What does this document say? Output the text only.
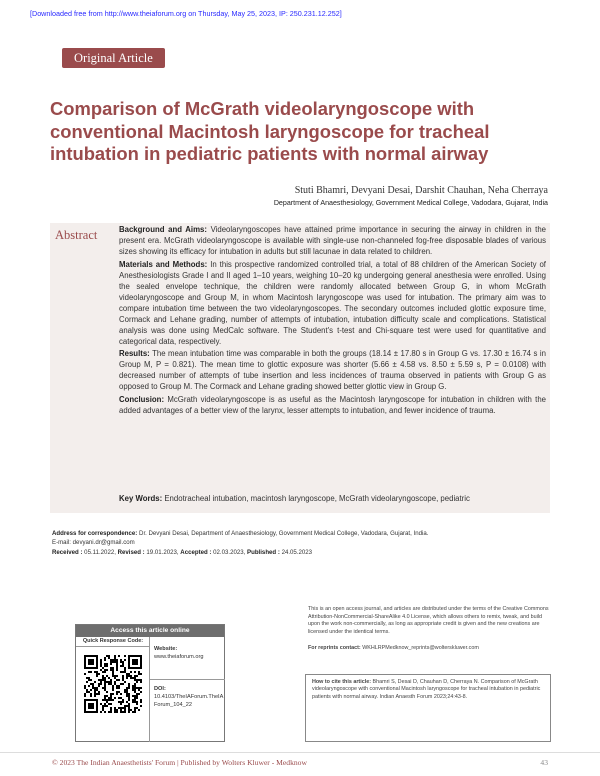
[Downloaded free from http://www.theiaforum.org on Thursday, May 25, 2023, IP: 250.231.12.252]
Original Article
Comparison of McGrath videolaryngoscope with conventional Macintosh laryngoscope for tracheal intubation in pediatric patients with normal airway
Stuti Bhamri, Devyani Desai, Darshit Chauhan, Neha Cherraya
Department of Anaesthesiology, Government Medical College, Vadodara, Gujarat, India
Abstract	Background and Aims: Videolaryngoscopes have attained prime importance in securing the airway in children in the present era. McGrath videolaryngoscope is available with single-use non-channeled fog-free disposable blades of various sizes showing its efficacy for intubation in adults but still lacunae in data related to children.

Materials and Methods: In this prospective randomized controlled trial, a total of 88 children of the American Society of Anesthesiologists Grade I and II aged 1–10 years, weighing 10–20 kg undergoing general anesthesia were enrolled. Using the sealed envelope technique, the children were randomly allocated between Group G, in whom McGrath videolaryngoscope and Group M, in whom Macintosh laryngoscope was used for intubation. The primary aim was to compare intubation time between the two videolaryngoscopes. The secondary outcomes included glottic exposure time, Cormack and Lehane grading, number of attempts of intubation, intubation difficulty scale and complications. Statistical analysis was done using MedCalc software. The Student's t-test and Chi-square test were used for quantitative and categorical data, respectively.

Results: The mean intubation time was comparable in both the groups (18.14 ± 17.80 s in Group G vs. 17.30 ± 16.74 s in Group M, P = 0.821). The mean time to glottic exposure was shorter (5.66 ± 4.58 vs. 8.50 ± 5.59 s, P = 0.0108) with decreased number of attempts of tube insertion and less incidences of trauma observed in patients with Group G as opposed to Group M. The Cormack and Lehane grading showed better glottic view in Group G.

Conclusion: McGrath videolaryngoscope is as useful as the Macintosh laryngoscope for intubation in children with the added advantages of a better view of the larynx, lesser attempts to intubation, and fewer incidence of trauma.

Key Words: Endotracheal intubation, macintosh laryngoscope, McGrath videolaryngoscope, pediatric
Address for correspondence: Dr. Devyani Desai, Department of Anaesthesiology, Government Medical College, Vadodara, Gujarat, India.
E-mail: devyani.dr@gmail.com
Received : 05.11.2022, Revised : 19.01.2023, Accepted : 02.03.2023, Published : 24.05.2023
This is an open access journal, and articles are distributed under the terms of the Creative Commons Attribution-NonCommercial-ShareAlike 4.0 License, which allows others to remix, tweak, and build upon the work non-commercially, as long as appropriate credit is given and the new creations are licensed under the identical terms.
For reprints contact: WKHLRPMedknow_reprints@wolterskluwer.com
How to cite this article: Bhamri S, Desai D, Chauhan D, Cherraya N. Comparison of McGrath videolaryngoscope with conventional Macintosh laryngoscope for tracheal intubation in pediatric patients with normal airway. Indian Anaesth Forum 2023;24:43-8.
Access this article online
Quick Response Code:
Website:
www.theiaforum.org
DOI:
10.4103/TheIAForum.TheIAForum_104_22
© 2023 The Indian Anaesthetists' Forum | Published by Wolters Kluwer - Medknow	43
